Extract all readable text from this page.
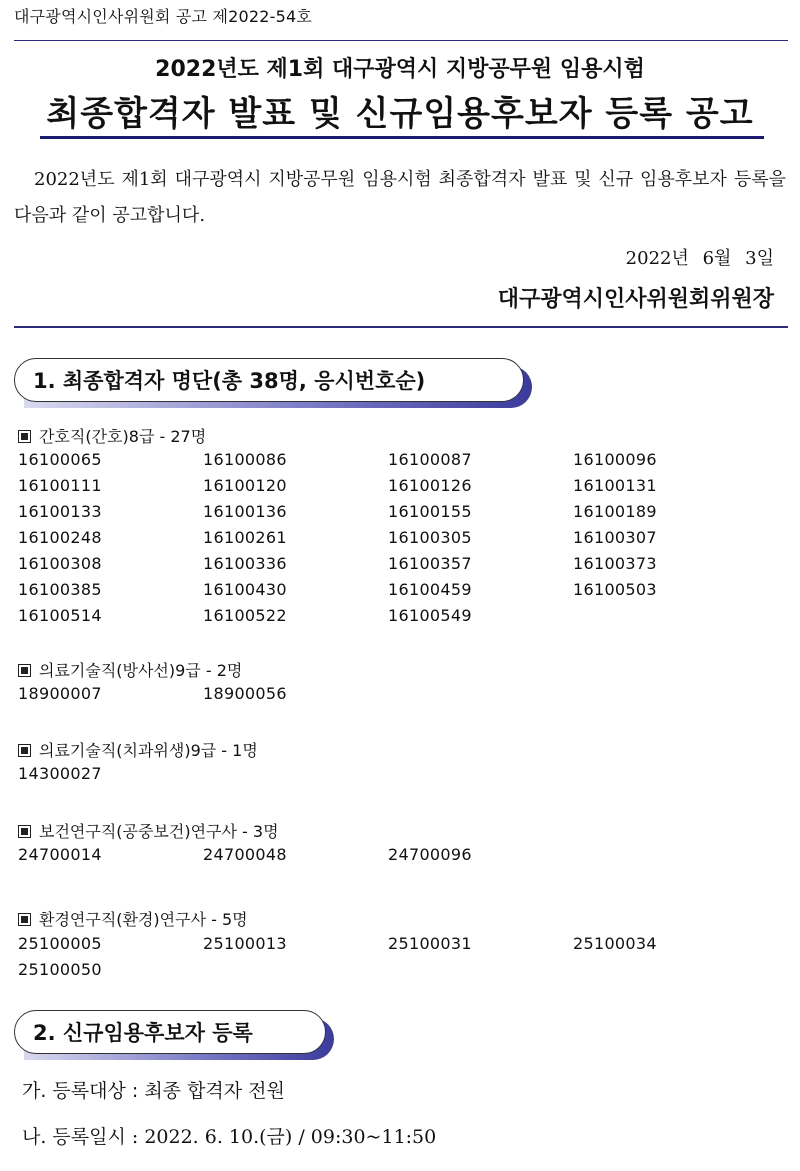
대구광역시인사위원회 공고 제2022-54호
2022년도 제1회 대구광역시 지방공무원 임용시험
최종합격자 발표 및 신규임용후보자 등록 공고
2022년도 제1회 대구광역시 지방공무원 임용시험 최종합격자 발표 및 신규 임용후보자 등록을 다음과 같이 공고합니다.
2022년 6월 3일
대구광역시인사위원회위원장
1. 최종합격자 명단(총 38명, 응시번호순)
간호직(간호)8급 - 27명
16100065	16100086	16100087	16100096
16100111	16100120	16100126	16100131
16100133	16100136	16100155	16100189
16100248	16100261	16100305	16100307
16100308	16100336	16100357	16100373
16100385	16100430	16100459	16100503
16100514	16100522	16100549
의료기술직(방사선)9급 - 2명
18900007	18900056
의료기술직(치과위생)9급 - 1명
14300027
보건연구직(공중보건)연구사 - 3명
24700014	24700048	24700096
환경연구직(환경)연구사 - 5명
25100005	25100013	25100031	25100034
25100050
2. 신규임용후보자 등록
가. 등록대상 : 최종 합격자 전원
나. 등록일시 : 2022. 6. 10.(금) / 09:30~11:50
